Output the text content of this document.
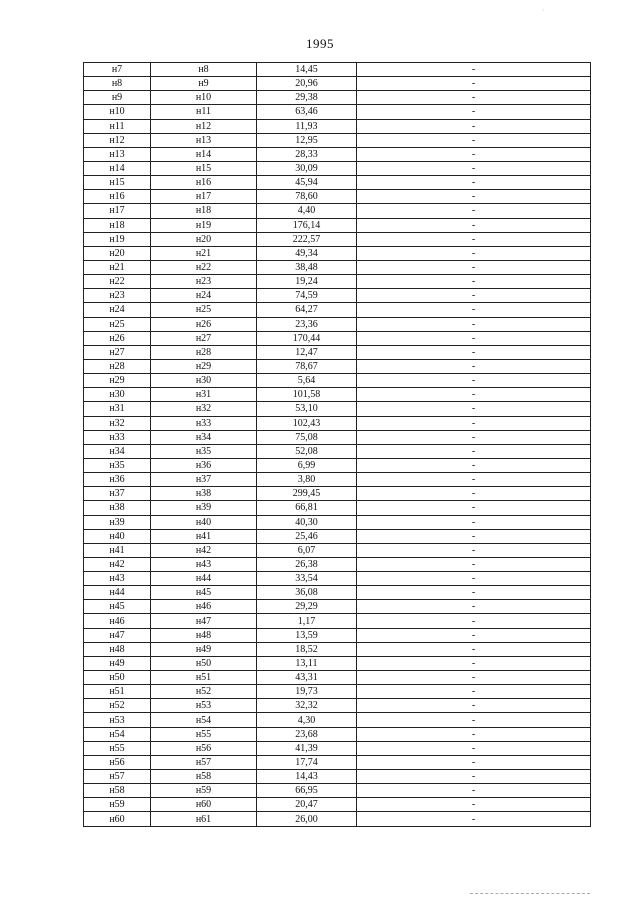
·
1995
н7	н8	14,45	-
н8	н9	20,96	-
н9	н10	29,38	-
н10	н11	63,46	-
н11	н12	11,93	-
н12	н13	12,95	-
н13	н14	28,33	-
н14	н15	30,09	-
н15	н16	45,94	-
н16	н17	78,60	-
н17	н18	4,40	-
н18	н19	176,14	-
н19	н20	222,57	-
н20	н21	49,34	-
н21	н22	38,48	-
н22	н23	19,24	-
н23	н24	74,59	-
н24	н25	64,27	-
н25	н26	23,36	-
н26	н27	170,44	-
н27	н28	12,47	-
н28	н29	78,67	-
н29	н30	5,64	-
н30	н31	101,58	-
н31	н32	53,10	-
н32	н33	102,43	-
н33	н34	75,08	-
н34	н35	52,08	-
н35	н36	6,99	-
н36	н37	3,80	-
н37	н38	299,45	-
н38	н39	66,81	-
н39	н40	40,30	-
н40	н41	25,46	-
н41	н42	6,07	-
н42	н43	26,38	-
н43	н44	33,54	-
н44	н45	36,08	-
н45	н46	29,29	-
н46	н47	1,17	-
н47	н48	13,59	-
н48	н49	18,52	-
н49	н50	13,11	-
н50	н51	43,31	-
н51	н52	19,73	-
н52	н53	32,32	-
н53	н54	4,30	-
н54	н55	23,68	-
н55	н56	41,39	-
н56	н57	17,74	-
н57	н58	14,43	-
н58	н59	66,95	-
н59	н60	20,47	-
н60	н61	26,00	-
